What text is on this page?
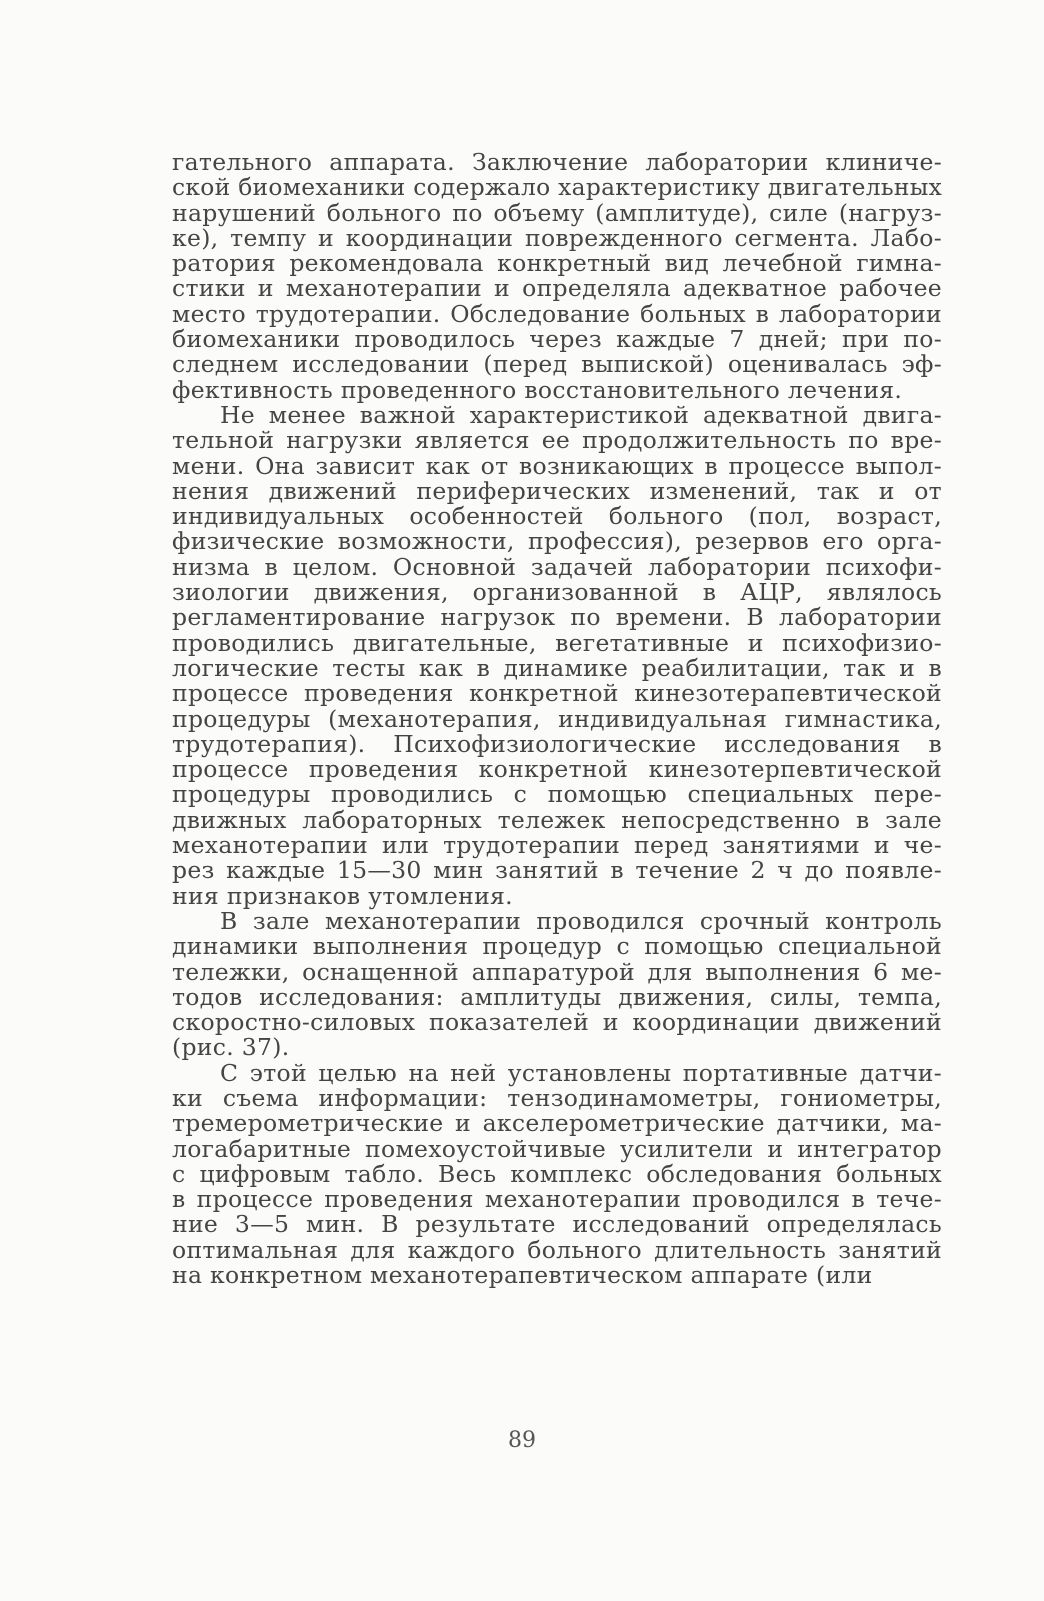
гательного аппарата. Заключение лаборатории клиниче-
ской биомеханики содержало характеристику двигательных
нарушений больного по объему (амплитуде), силе (нагруз-
ке), темпу и координации поврежденного сегмента. Лабо-
ратория рекомендовала конкретный вид лечебной гимна-
стики и механотерапии и определяла адекватное рабочее
место трудотерапии. Обследование больных в лаборатории
биомеханики проводилось через каждые 7 дней; при по-
следнем исследовании (перед выпиской) оценивалась эф-
фективность проведенного восстановительного лечения.
Не менее важной характеристикой адекватной двига-
тельной нагрузки является ее продолжительность по вре-
мени. Она зависит как от возникающих в процессе выпол-
нения движений периферических изменений, так и от
индивидуальных особенностей больного (пол, возраст,
физические возможности, профессия), резервов его орга-
низма в целом. Основной задачей лаборатории психофи-
зиологии движения, организованной в АЦР, являлось
регламентирование нагрузок по времени. В лаборатории
проводились двигательные, вегетативные и психофизио-
логические тесты как в динамике реабилитации, так и в
процессе проведения конкретной кинезотерапевтической
процедуры (механотерапия, индивидуальная гимнастика,
трудотерапия). Психофизиологические исследования в
процессе проведения конкретной кинезотерпевтической
процедуры проводились с помощью специальных пере-
движных лабораторных тележек непосредственно в зале
механотерапии или трудотерапии перед занятиями и че-
рез каждые 15—30 мин занятий в течение 2 ч до появле-
ния признаков утомления.
В зале механотерапии проводился срочный контроль
динамики выполнения процедур с помощью специальной
тележки, оснащенной аппаратурой для выполнения 6 ме-
тодов исследования: амплитуды движения, силы, темпа,
скоростно-силовых показателей и координации движений
(рис. 37).
С этой целью на ней установлены портативные датчи-
ки съема информации: тензодинамометры, гониометры,
тремерометрические и акселерометрические датчики, ма-
логабаритные помехоустойчивые усилители и интегратор
с цифровым табло. Весь комплекс обследования больных
в процессе проведения механотерапии проводился в тече-
ние 3—5 мин. В результате исследований определялась
оптимальная для каждого больного длительность занятий
на конкретном механотерапевтическом аппарате (или
89
